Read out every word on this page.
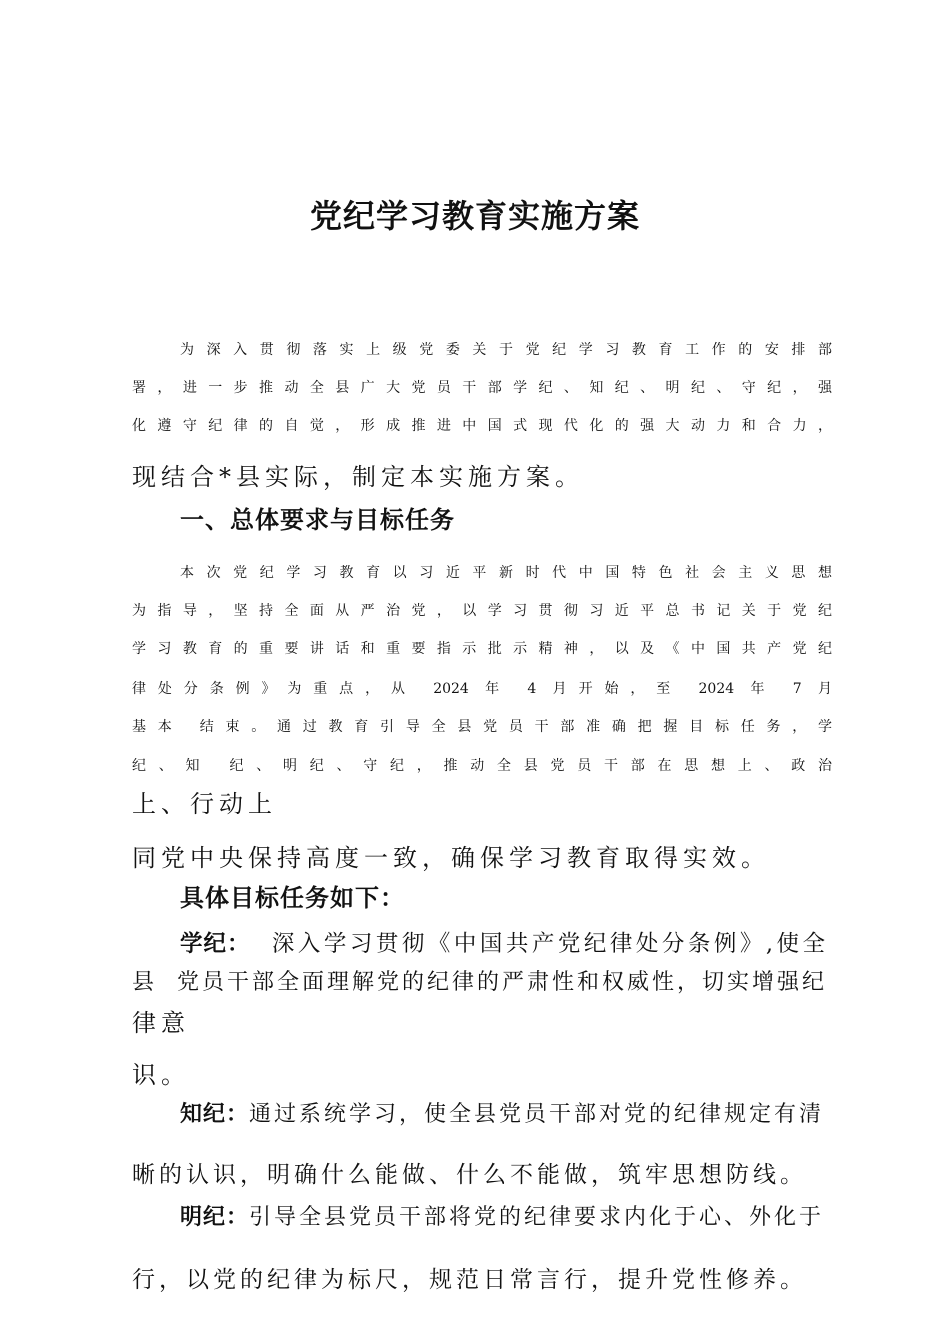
党纪学习教育实施方案
为深入贯彻落实上级党委关于党纪学习教育工作的安排部
署，进一步推动全县广大党员干部学纪、知纪、明纪、守纪，强
化遵守纪律的自觉，形成推进中国式现代化的强大动力和合力，
现结合*县实际，制定本实施方案。
一、总体要求与目标任务
本次党纪学习教育以习近平新时代中国特色社会主义思想
为指导，坚持全面从严治党，以学习贯彻习近平总书记关于党纪
学习教育的重要讲话和重要指示批示精神，以及《中国共产党纪
律处分条例》为重点，从 2024 年 4 月开始，至 2024 年 7 月
基本 结束。通过教育引导全县党员干部准确把握目标任务，学
纪、知 纪、明纪、守纪，推动全县党员干部在思想上、政治
上、行动上
同党中央保持高度一致，确保学习教育取得实效。
具体目标任务如下：
学纪：  深入学习贯彻《中国共产党纪律处分条例》,使全
县  党员干部全面理解党的纪律的严肃性和权威性，切实增强纪
律意
识。
知纪：通过系统学习，使全县党员干部对党的纪律规定有清
晰的认识，明确什么能做、什么不能做，筑牢思想防线。
明纪：引导全县党员干部将党的纪律要求内化于心、外化于
行，以党的纪律为标尺，规范日常言行，提升党性修养。
